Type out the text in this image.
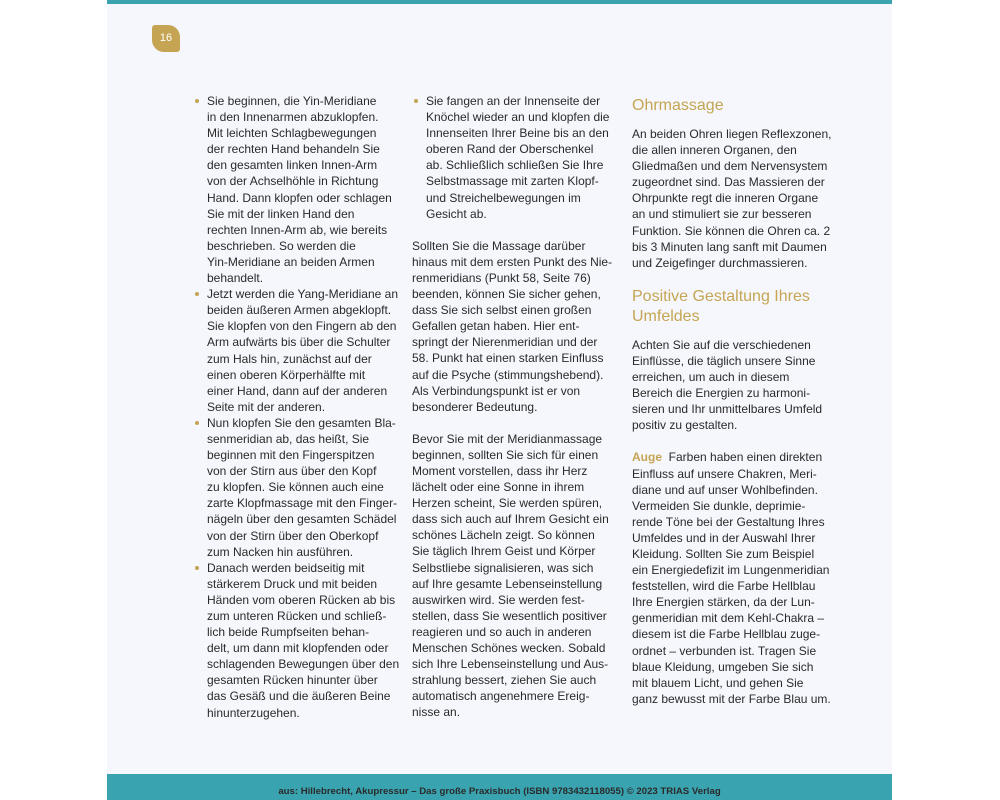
16
Sie beginnen, die Yin-Meridiane
in den Innenarmen abzuklopfen.
Mit leichten Schlagbewegungen
der rechten Hand behandeln Sie
den gesamten linken Innen-Arm
von der Achselhöhle in Richtung
Hand. Dann klopfen oder schlagen
Sie mit der linken Hand den
rechten Innen-Arm ab, wie bereits
beschrieben. So werden die
Yin-Meridiane an beiden Armen
behandelt.
Jetzt werden die Yang-Meridiane an
beiden äußeren Armen abgeklopft.
Sie klopfen von den Fingern ab den
Arm aufwärts bis über die Schulter
zum Hals hin, zunächst auf der
einen oberen Körperhälfte mit
einer Hand, dann auf der anderen
Seite mit der anderen.
Nun klopfen Sie den gesamten Bla-
senmeridian ab, das heißt, Sie
beginnen mit den Fingerspitzen
von der Stirn aus über den Kopf
zu klopfen. Sie können auch eine
zarte Klopfmassage mit den Finger-
nägeln über den gesamten Schädel
von der Stirn über den Oberkopf
zum Nacken hin ausführen.
Danach werden beidseitig mit
stärkerem Druck und mit beiden
Händen vom oberen Rücken ab bis
zum unteren Rücken und schließ-
lich beide Rumpfseiten behan-
delt, um dann mit klopfenden oder
schlagenden Bewegungen über den
gesamten Rücken hinunter über
das Gesäß und die äußeren Beine
hinunterzugehen.
Sie fangen an der Innenseite der
Knöchel wieder an und klopfen die
Innenseiten Ihrer Beine bis an den
oberen Rand der Oberschenkel
ab. Schließlich schließen Sie Ihre
Selbstmassage mit zarten Klopf-
und Streichelbewegungen im
Gesicht ab.
Sollten Sie die Massage darüber
hinaus mit dem ersten Punkt des Nie-
renmeridians (Punkt 58, Seite 76)
beenden, können Sie sicher gehen,
dass Sie sich selbst einen großen
Gefallen getan haben. Hier ent-
springt der Nierenmeridian und der
58. Punkt hat einen starken Einfluss
auf die Psyche (stimmungshebend).
Als Verbindungspunkt ist er von
besonderer Bedeutung.
Bevor Sie mit der Meridianmassage
beginnen, sollten Sie sich für einen
Moment vorstellen, dass ihr Herz
lächelt oder eine Sonne in ihrem
Herzen scheint, Sie werden spüren,
dass sich auch auf Ihrem Gesicht ein
schönes Lächeln zeigt. So können
Sie täglich Ihrem Geist und Körper
Selbstliebe signalisieren, was sich
auf Ihre gesamte Lebenseinstellung
auswirken wird. Sie werden fest-
stellen, dass Sie wesentlich positiver
reagieren und so auch in anderen
Menschen Schönes wecken. Sobald
sich Ihre Lebenseinstellung und Aus-
strahlung bessert, ziehen Sie auch
automatisch angenehmere Ereig-
nisse an.
Ohrmassage
An beiden Ohren liegen Reflexzonen,
die allen inneren Organen, den
Gliedmaßen und dem Nervensystem
zugeordnet sind. Das Massieren der
Ohrpunkte regt die inneren Organe
an und stimuliert sie zur besseren
Funktion. Sie können die Ohren ca. 2
bis 3 Minuten lang sanft mit Daumen
und Zeigefinger durchmassieren.
Positive Gestaltung Ihres
Umfeldes
Achten Sie auf die verschiedenen
Einflüsse, die täglich unsere Sinne
erreichen, um auch in diesem
Bereich die Energien zu harmoni-
sieren und Ihr unmittelbares Umfeld
positiv zu gestalten.
Auge Farben haben einen direkten
Einfluss auf unsere Chakren, Meri-
diane und auf unser Wohlbefinden.
Vermeiden Sie dunkle, deprimie-
rende Töne bei der Gestaltung Ihres
Umfeldes und in der Auswahl Ihrer
Kleidung. Sollten Sie zum Beispiel
ein Energiedefizit im Lungenmeridian
feststellen, wird die Farbe Hellblau
Ihre Energien stärken, da der Lun-
genmeridian mit dem Kehl-Chakra –
diesem ist die Farbe Hellblau zuge-
ordnet – verbunden ist. Tragen Sie
blaue Kleidung, umgeben Sie sich
mit blauem Licht, und gehen Sie
ganz bewusst mit der Farbe Blau um.
aus: Hillebrecht, Akupressur – Das große Praxisbuch (ISBN 9783432118055) © 2023 TRIAS Verlag
